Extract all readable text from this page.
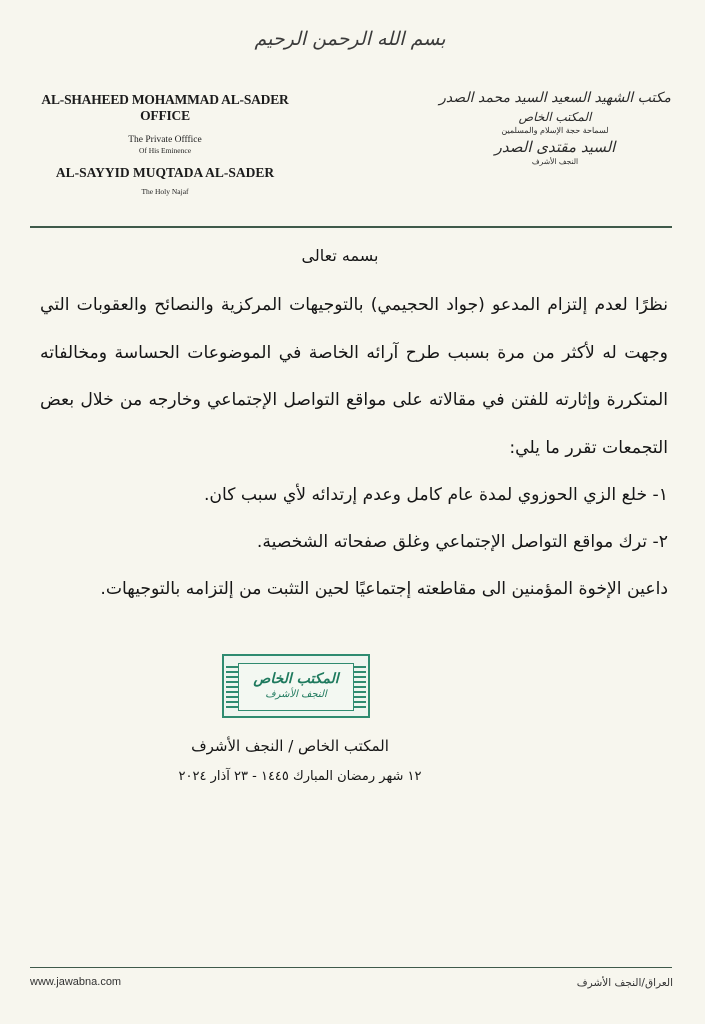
بسم الله الرحمن الرحيم
AL-SHAHEED MOHAMMAD AL-SADER OFFICE
The Private Offfice
Of His Eminence
AL-SAYYID MUQTADA AL-SADER
The Holy Najaf
مكتب الشهيد السعيد السيد محمد الصدر
المكتب الخاص
لسماحة حجة الإسلام والمسلمين
السيد مقتدى الصدر
النجف الأشرف
بسمه تعالى
نظرًا لعدم إلتزام المدعو (جواد الحجيمي) بالتوجيهات المركزية والنصائح والعقوبات التي وجهت له لأكثر من مرة بسبب طرح آرائه الخاصة في الموضوعات الحساسة ومخالفاته المتكررة وإثارته للفتن في مقالاته على مواقع التواصل الإجتماعي وخارجه من خلال بعض التجمعات تقرر ما يلي:
١- خلع الزي الحوزوي لمدة عام كامل وعدم إرتدائه لأي سبب كان.
٢- ترك مواقع التواصل الإجتماعي وغلق صفحاته الشخصية.
داعين الإخوة المؤمنين الى مقاطعته إجتماعيًا لحين التثبت من إلتزامه بالتوجيهات.
المكتب الخاص
النجف الأشرف
المكتب الخاص / النجف الأشرف
١٢ شهر رمضان المبارك ١٤٤٥ - ٢٣ آذار ٢٠٢٤
www.jawabna.com	العراق/النجف الأشرف
